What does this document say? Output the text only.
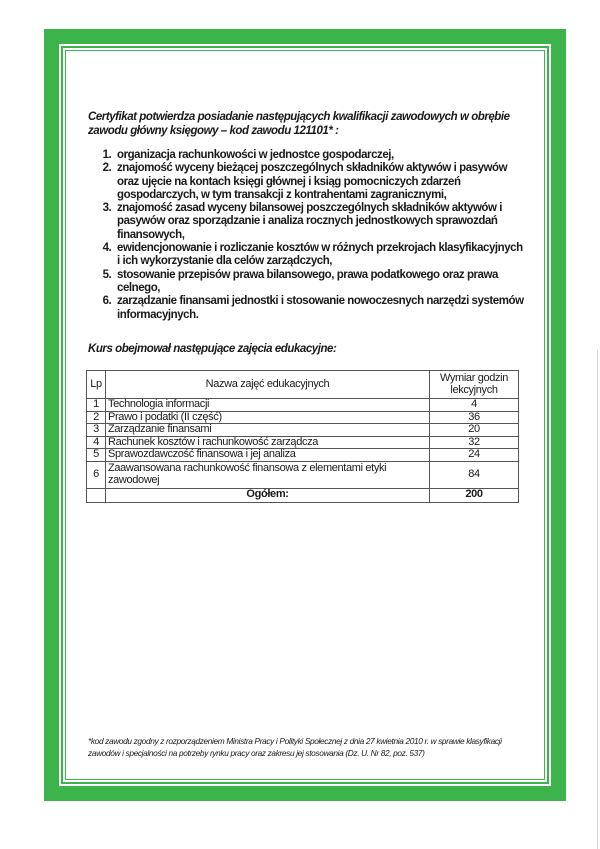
Certyfikat potwierdza posiadanie następujących kwalifikacji zawodowych w obrębie zawodu główny księgowy – kod zawodu 121101* :

1. organizacja rachunkowości w jednostce gospodarczej,
2. znajomość wyceny bieżącej poszczególnych składników aktywów i pasywów oraz ujęcie na kontach księgi głównej i ksiąg pomocniczych zdarzeń gospodarczych, w tym transakcji z kontrahentami zagranicznymi,
3. znajomość zasad wyceny bilansowej poszczególnych składników aktywów i pasywów oraz sporządzanie i analiza rocznych jednostkowych sprawozdań finansowych,
4. ewidencjonowanie i rozliczanie kosztów w różnych przekrojach klasyfikacyjnych i ich wykorzystanie dla celów zarządczych,
5. stosowanie przepisów prawa bilansowego, prawa podatkowego oraz prawa celnego,
6. zarządzanie finansami jednostki i stosowanie nowoczesnych narzędzi systemów informacyjnych.

Kurs obejmował następujące zajęcia edukacyjne:

Lp	Nazwa zajęć edukacyjnych	Wymiar godzin lekcyjnych
1	Technologia informacji	4
2	Prawo i podatki (II część)	36
3	Zarządzanie finansami	20
4	Rachunek kosztów i rachunkowość zarządcza	32
5	Sprawozdawczość finansowa i jej analiza	24
6	Zaawansowana rachunkowość finansowa z elementami etyki zawodowej	84
	Ogółem:	200

*kod zawodu zgodny z rozporządzeniem Ministra Pracy i Polityki Społecznej z dnia 27 kwietnia 2010 r. w sprawie klasyfikacji zawodów i specjalności na potrzeby rynku pracy oraz zakresu jej stosowania (Dz. U. Nr 82, poz. 537)
